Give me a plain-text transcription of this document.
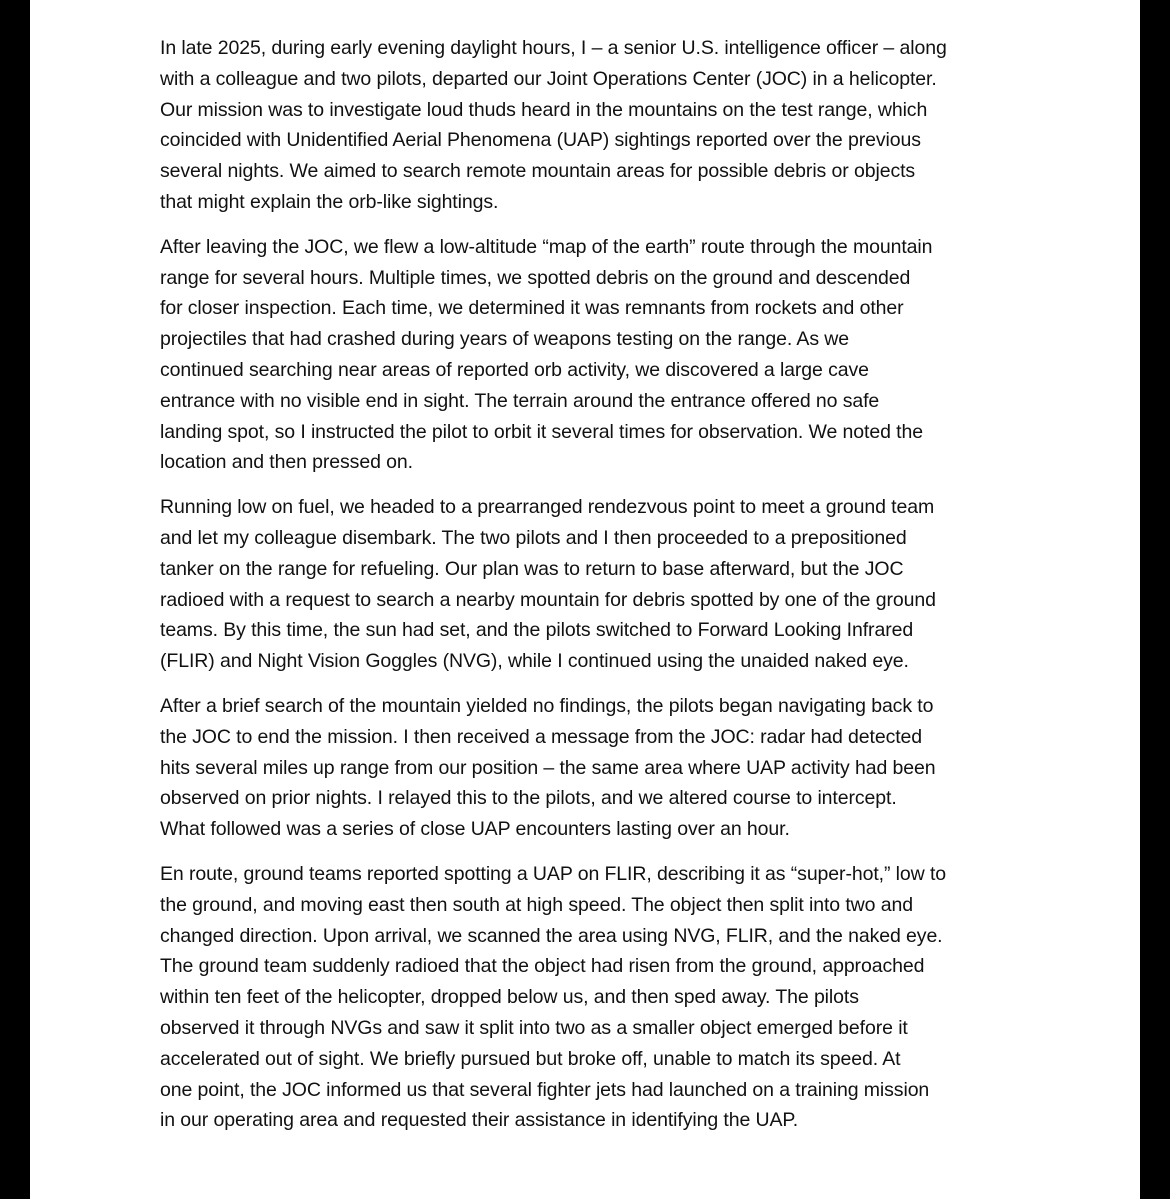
In late 2025, during early evening daylight hours, I – a senior U.S. intelligence officer – along
with a colleague and two pilots, departed our Joint Operations Center (JOC) in a helicopter.
Our mission was to investigate loud thuds heard in the mountains on the test range, which
coincided with Unidentified Aerial Phenomena (UAP) sightings reported over the previous
several nights. We aimed to search remote mountain areas for possible debris or objects
that might explain the orb-like sightings.

After leaving the JOC, we flew a low-altitude “map of the earth” route through the mountain
range for several hours. Multiple times, we spotted debris on the ground and descended
for closer inspection. Each time, we determined it was remnants from rockets and other
projectiles that had crashed during years of weapons testing on the range. As we
continued searching near areas of reported orb activity, we discovered a large cave
entrance with no visible end in sight. The terrain around the entrance offered no safe
landing spot, so I instructed the pilot to orbit it several times for observation. We noted the
location and then pressed on.

Running low on fuel, we headed to a prearranged rendezvous point to meet a ground team
and let my colleague disembark. The two pilots and I then proceeded to a prepositioned
tanker on the range for refueling. Our plan was to return to base afterward, but the JOC
radioed with a request to search a nearby mountain for debris spotted by one of the ground
teams. By this time, the sun had set, and the pilots switched to Forward Looking Infrared
(FLIR) and Night Vision Goggles (NVG), while I continued using the unaided naked eye.

After a brief search of the mountain yielded no findings, the pilots began navigating back to
the JOC to end the mission. I then received a message from the JOC: radar had detected
hits several miles up range from our position – the same area where UAP activity had been
observed on prior nights. I relayed this to the pilots, and we altered course to intercept.
What followed was a series of close UAP encounters lasting over an hour.

En route, ground teams reported spotting a UAP on FLIR, describing it as “super-hot,” low to
the ground, and moving east then south at high speed. The object then split into two and
changed direction. Upon arrival, we scanned the area using NVG, FLIR, and the naked eye.
The ground team suddenly radioed that the object had risen from the ground, approached
within ten feet of the helicopter, dropped below us, and then sped away. The pilots
observed it through NVGs and saw it split into two as a smaller object emerged before it
accelerated out of sight. We briefly pursued but broke off, unable to match its speed. At
one point, the JOC informed us that several fighter jets had launched on a training mission
in our operating area and requested their assistance in identifying the UAP.
